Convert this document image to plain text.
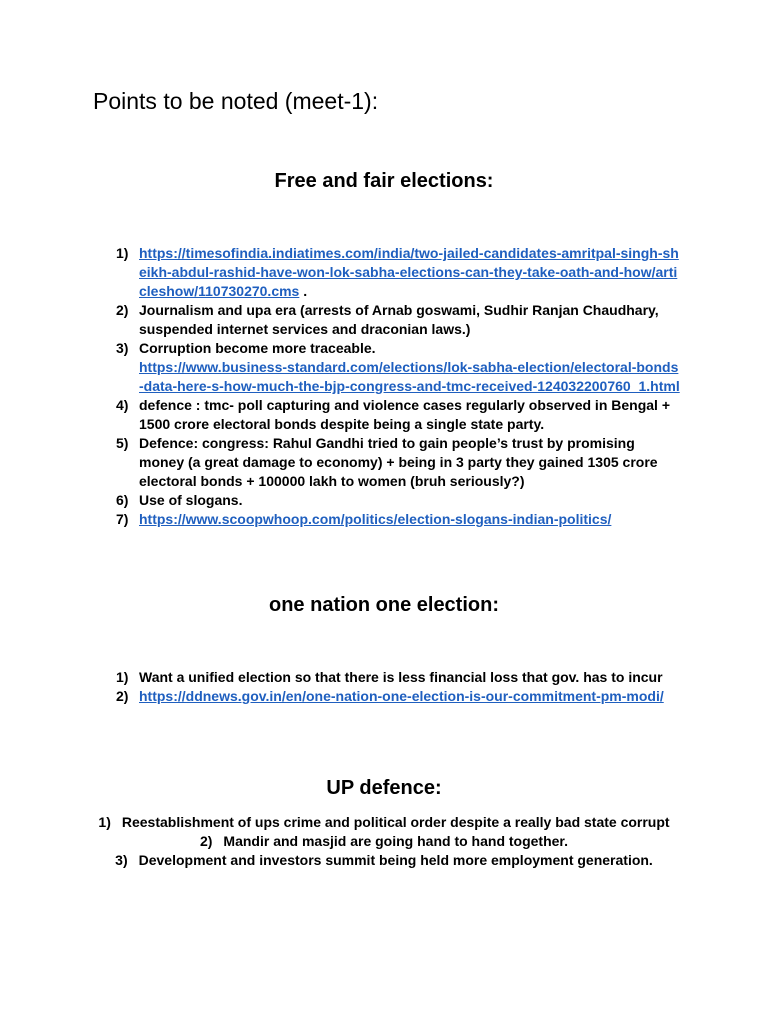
Points to be noted (meet-1):
Free and fair elections:
1) https://timesofindia.indiatimes.com/india/two-jailed-candidates-amritpal-singh-sheikh-abdul-rashid-have-won-lok-sabha-elections-can-they-take-oath-and-how/articleshow/110730270.cms .
2) Journalism and upa era (arrests of Arnab goswami, Sudhir Ranjan Chaudhary, suspended internet services and draconian laws.)
3) Corruption become more traceable.
https://www.business-standard.com/elections/lok-sabha-election/electoral-bonds-data-here-s-how-much-the-bjp-congress-and-tmc-received-124032200760_1.html
4) defence : tmc- poll capturing and violence cases regularly observed in Bengal + 1500 crore electoral bonds despite being a single state party.
5) Defence: congress: Rahul Gandhi tried to gain people’s trust by promising money (a great damage to economy) + being in 3 party they gained 1305 crore electoral bonds + 100000 lakh to women (bruh seriously?)
6) Use of slogans.
7) https://www.scoopwhoop.com/politics/election-slogans-indian-politics/
one nation one election:
1) Want a unified election so that there is less financial loss that gov. has to incur
2) https://ddnews.gov.in/en/one-nation-one-election-is-our-commitment-pm-modi/
UP defence:
1) Reestablishment of ups crime and political order despite a really bad state corrupt
2) Mandir and masjid are going hand to hand together.
3) Development and investors summit being held more employment generation.
